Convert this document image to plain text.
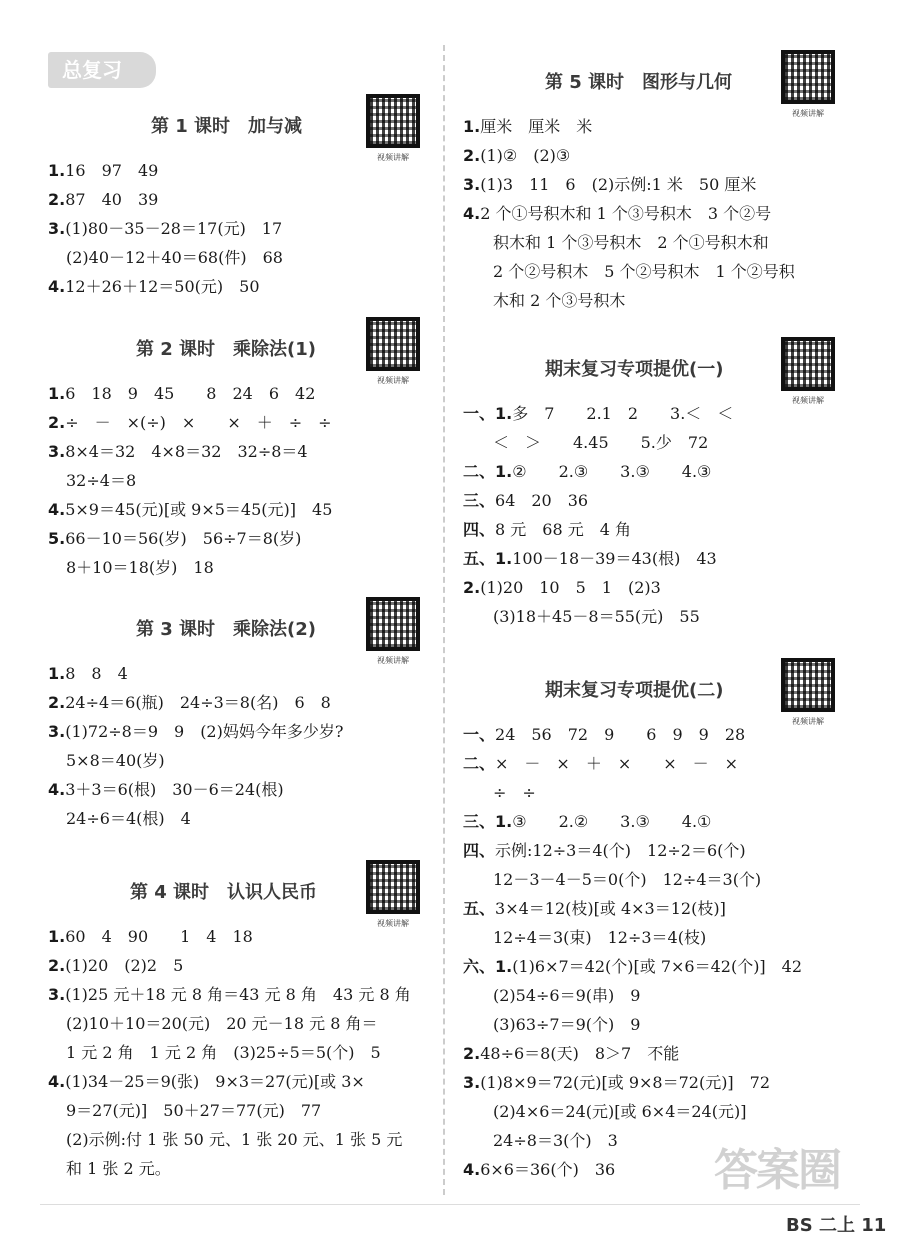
总复习
第 1 课时　加与减
视频讲解
1.16　97　49
2.87　40　39
3.(1)80－35－28＝17(元)　17
(2)40－12＋40＝68(件)　68
4.12＋26＋12＝50(元)　50
第 2 课时　乘除法(1)
视频讲解
1.6　18　9　45　　8　24　6　42
2.÷　－　×(÷)　×　　×　＋　÷　÷
3.8×4＝32　4×8＝32　32÷8＝4
32÷4＝8
4.5×9＝45(元)[或 9×5＝45(元)]　45
5.66－10＝56(岁)　56÷7＝8(岁)
8＋10＝18(岁)　18
第 3 课时　乘除法(2)
视频讲解
1.8　8　4
2.24÷4＝6(瓶)　24÷3＝8(名)　6　8
3.(1)72÷8＝9　9　(2)妈妈今年多少岁?
5×8＝40(岁)
4.3＋3＝6(根)　30－6＝24(根)
24÷6＝4(根)　4
第 4 课时　认识人民币
视频讲解
1.60　4　90　　1　4　18
2.(1)20　(2)2　5
3.(1)25 元＋18 元 8 角＝43 元 8 角　43 元 8 角
(2)10＋10＝20(元)　20 元－18 元 8 角＝
1 元 2 角　1 元 2 角　(3)25÷5＝5(个)　5
4.(1)34－25＝9(张)　9×3＝27(元)[或 3×
9＝27(元)]　50＋27＝77(元)　77
(2)示例:付 1 张 50 元、1 张 20 元、1 张 5 元
和 1 张 2 元。
第 5 课时　图形与几何
视频讲解
1.厘米　厘米　米
2.(1)②　(2)③
3.(1)3　11　6　(2)示例:1 米　50 厘米
4.2 个①号积木和 1 个③号积木　3 个②号
积木和 1 个③号积木　2 个①号积木和
2 个②号积木　5 个②号积木　1 个②号积
木和 2 个③号积木
期末复习专项提优(一)
视频讲解
一、1.多　7　　2.1　2　　3.＜　＜
＜　＞　　4.45　　5.少　72
二、1.②　　2.③　　3.③　　4.③
三、64　20　36
四、8 元　68 元　4 角
五、1.100－18－39＝43(根)　43
2.(1)20　10　5　1　(2)3
(3)18＋45－8＝55(元)　55
期末复习专项提优(二)
视频讲解
一、24　56　72　9　　6　9　9　28
二、×　－　×　＋　×　　×　－　×
÷　÷
三、1.③　　2.②　　3.③　　4.①
四、示例:12÷3＝4(个)　12÷2＝6(个)
12－3－4－5＝0(个)　12÷4＝3(个)
五、3×4＝12(枝)[或 4×3＝12(枝)]
12÷4＝3(束)　12÷3＝4(枝)
六、1.(1)6×7＝42(个)[或 7×6＝42(个)]　42
(2)54÷6＝9(串)　9
(3)63÷7＝9(个)　9
2.48÷6＝8(天)　8＞7　不能
3.(1)8×9＝72(元)[或 9×8＝72(元)]　72
(2)4×6＝24(元)[或 6×4＝24(元)]
24÷8＝3(个)　3
4.6×6＝36(个)　36	答案圈
BS 二上 11
